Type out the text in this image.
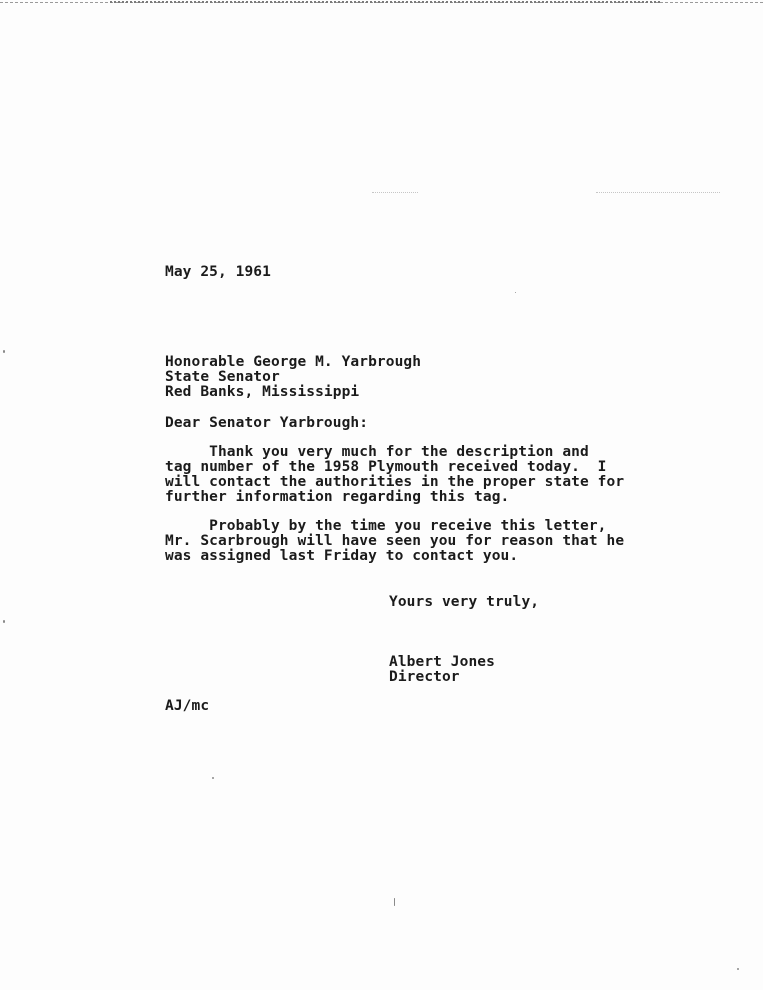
May 25, 1961
Honorable George M. Yarbrough
State Senator
Red Banks, Mississippi
Dear Senator Yarbrough:
Thank you very much for the description and
tag number of the 1958 Plymouth received today.  I
will contact the authorities in the proper state for
further information regarding this tag.
Probably by the time you receive this letter,
Mr. Scarbrough will have seen you for reason that he
was assigned last Friday to contact you.
Yours very truly,
Albert Jones
Director
AJ/mc
